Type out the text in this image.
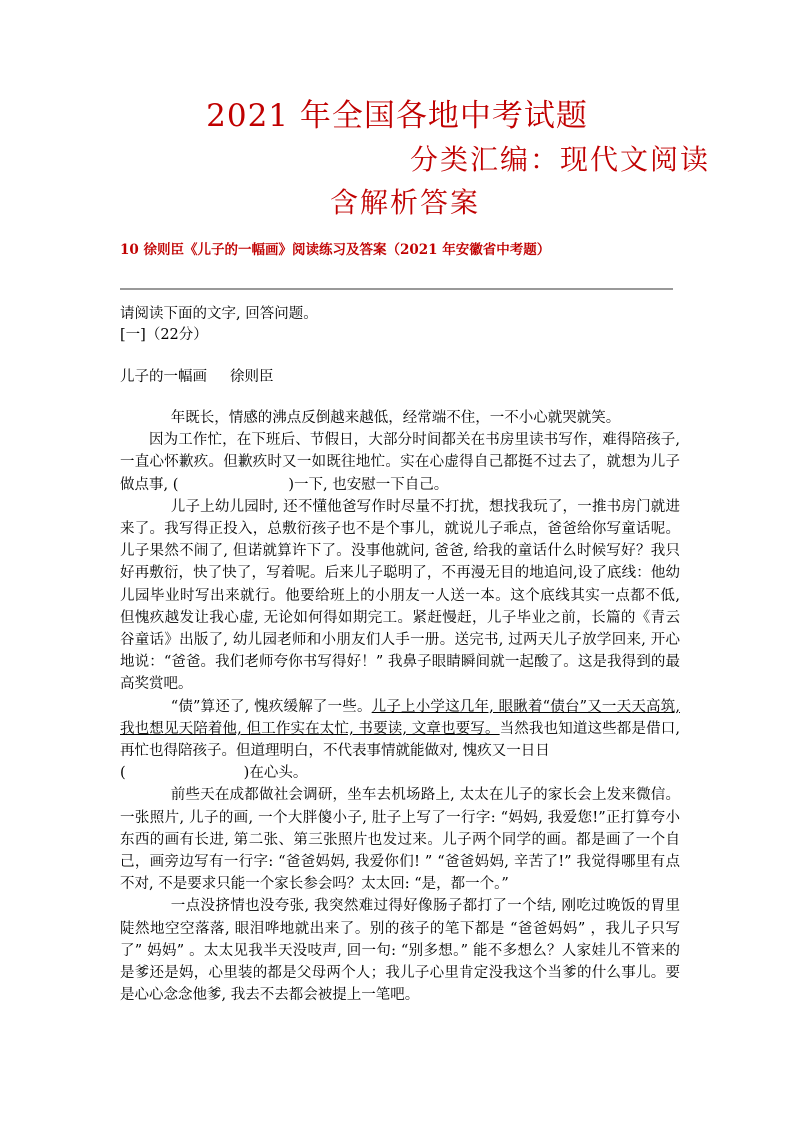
2021 年全国各地中考试题
分类汇编：现代文阅读
含解析答案
10 徐则臣《儿子的一幅画》阅读练习及答案（2021 年安徽省中考题）
请阅读下面的文字, 回答问题。
[一]（22分）
儿子的一幅画     徐则臣

年既长，情感的沸点反倒越来越低，经常端不住，一不小心就哭就笑。

因为工作忙，在下班后、节假日，大部分时间都关在书房里读书写作，难得陪孩子, 一直心怀歉疚。但歉疚时又一如既往地忙。实在心虚得自己都挺不过去了，就想为儿子做点事, (	)一下, 也安慰一下自己。

儿子上幼儿园时, 还不懂他爸写作时尽量不打扰，想找我玩了，一推书房门就进来了。我写得正投入，总敷衍孩子也不是个事儿，就说儿子乖点，爸爸给你写童话呢。儿子果然不闹了, 但诺就算许下了。没事他就问, 爸爸, 给我的童话什么时候写好？我只好再敷衍，快了快了，写着呢。后来儿子聪明了，不再漫无目的地追问,设了底线：他幼儿园毕业时写出来就行。他要给班上的小朋友一人送一本。这个底线其实一点都不低, 但愧疚越发让我心虚, 无论如何得如期完工。紧赶慢赶，儿子毕业之前，长篇的《青云谷童话》出版了, 幼儿园老师和小朋友们人手一册。送完书, 过两天儿子放学回来, 开心地说：“爸爸。我们老师夸你书写得好！” 我鼻子眼睛瞬间就一起酸了。这是我得到的最高奖赏吧。

“债”算还了, 愧疚缓解了一些。儿子上小学这几年, 眼瞅着“债台”又一天天高筑, 我也想见天陪着他, 但工作实在太忙, 书要读, 文章也要写。当然我也知道这些都是借口, 再忙也得陪孩子。但道理明白，不代表事情就能做对, 愧疚又一日日

(	)在心头。

前些天在成都做社会调研，坐车去机场路上, 太太在儿子的家长会上发来微信。一张照片, 儿子的画, 一个大胖傻小子, 肚子上写了一行字: “妈妈, 我爱您!”正打算夸小东西的画有长进, 第二张、第三张照片也发过来。儿子两个同学的画。都是画了一个自己，画旁边写有一行字: “爸爸妈妈, 我爱你们! ” “爸爸妈妈, 辛苦了!” 我觉得哪里有点不对, 不是要求只能一个家长参会吗？太太回: “是，都一个。”

一点没挤情也没夸张, 我突然难过得好像肠子都打了一个结, 刚吃过晚饭的胃里陡然地空空落落, 眼泪哗地就出来了。别的孩子的笔下都是 “爸爸妈妈” ，我儿子只写了” 妈妈” 。太太见我半天没吱声, 回一句: “别多想。” 能不多想么？人家娃儿不管来的是爹还是妈，心里装的都是父母两个人；我儿子心里肯定没我这个当爹的什么事儿。要是心心念念他爹, 我去不去都会被提上一笔吧。
